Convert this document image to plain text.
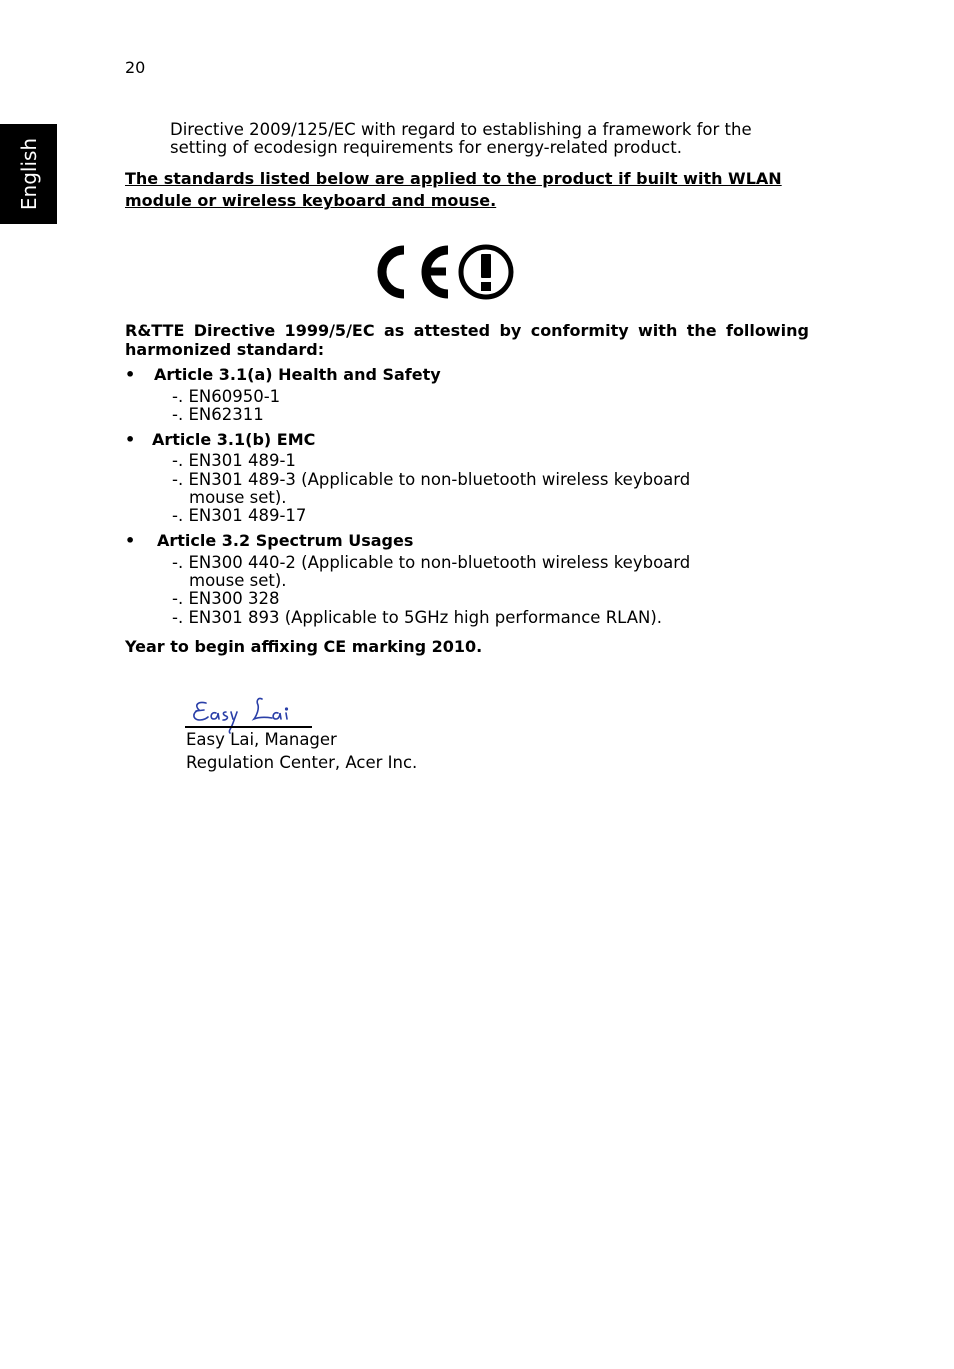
20
English
Directive 2009/125/EC with regard to establishing a framework for the
setting of ecodesign requirements for energy-related product.
The standards listed below are applied to the product if built with WLAN
module or wireless keyboard and mouse.
R&TTE Directive 1999/5/EC as attested by conformity with the following harmonized standard:
• Article 3.1(a) Health and Safety
-. EN60950-1
-. EN62311
• Article 3.1(b) EMC
-. EN301 489-1
-. EN301 489-3 (Applicable to non-bluetooth wireless keyboard
mouse set).
-. EN301 489-17
• Article 3.2 Spectrum Usages
-. EN300 440-2 (Applicable to non-bluetooth wireless keyboard
mouse set).
-. EN300 328
-. EN301 893 (Applicable to 5GHz high performance RLAN).
Year to begin affixing CE marking 2010.
Easy Lai, Manager
Regulation Center, Acer Inc.
